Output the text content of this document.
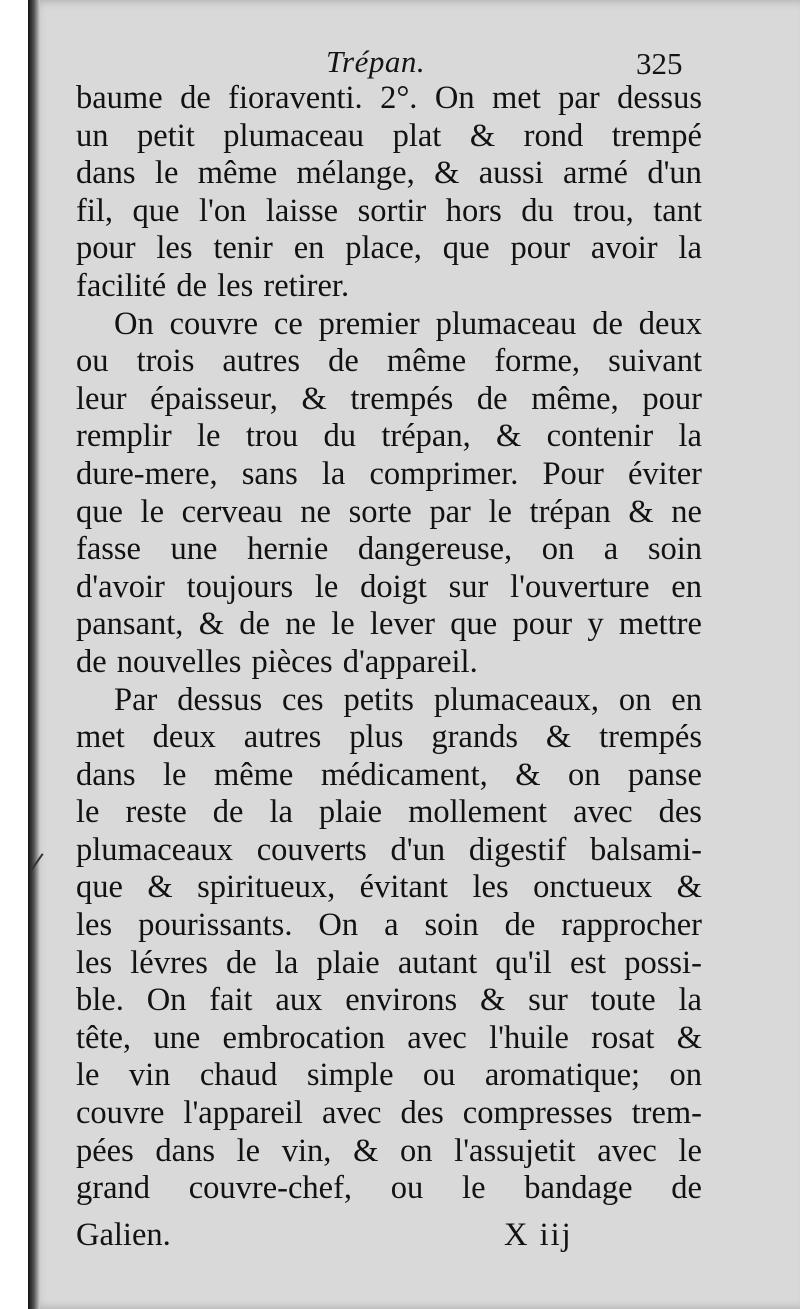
Trépan.	325
baume de fioraventi. 2°. On met par dessus
un petit plumaceau plat & rond trempé
dans le même mélange, & aussi armé d'un
fil, que l'on laisse sortir hors du trou, tant
pour les tenir en place, que pour avoir la
facilité de les retirer.
On couvre ce premier plumaceau de deux
ou trois autres de même forme, suivant
leur épaisseur, & trempés de même, pour
remplir le trou du trépan, & contenir la
dure-mere, sans la comprimer. Pour éviter
que le cerveau ne sorte par le trépan & ne
fasse une hernie dangereuse, on a soin
d'avoir toujours le doigt sur l'ouverture en
pansant, & de ne le lever que pour y mettre
de nouvelles pièces d'appareil.
Par dessus ces petits plumaceaux, on en
met deux autres plus grands & trempés
dans le même médicament, & on panse
le reste de la plaie mollement avec des
plumaceaux couverts d'un digestif balsami-
que & spiritueux, évitant les onctueux &
les pourissants. On a soin de rapprocher
les lévres de la plaie autant qu'il est possi-
ble. On fait aux environs & sur toute la
tête, une embrocation avec l'huile rosat &
le vin chaud simple ou aromatique; on
couvre l'appareil avec des compresses trem-
pées dans le vin, & on l'assujetit avec le
grand couvre-chef, ou le bandage de
Galien.	X iij
